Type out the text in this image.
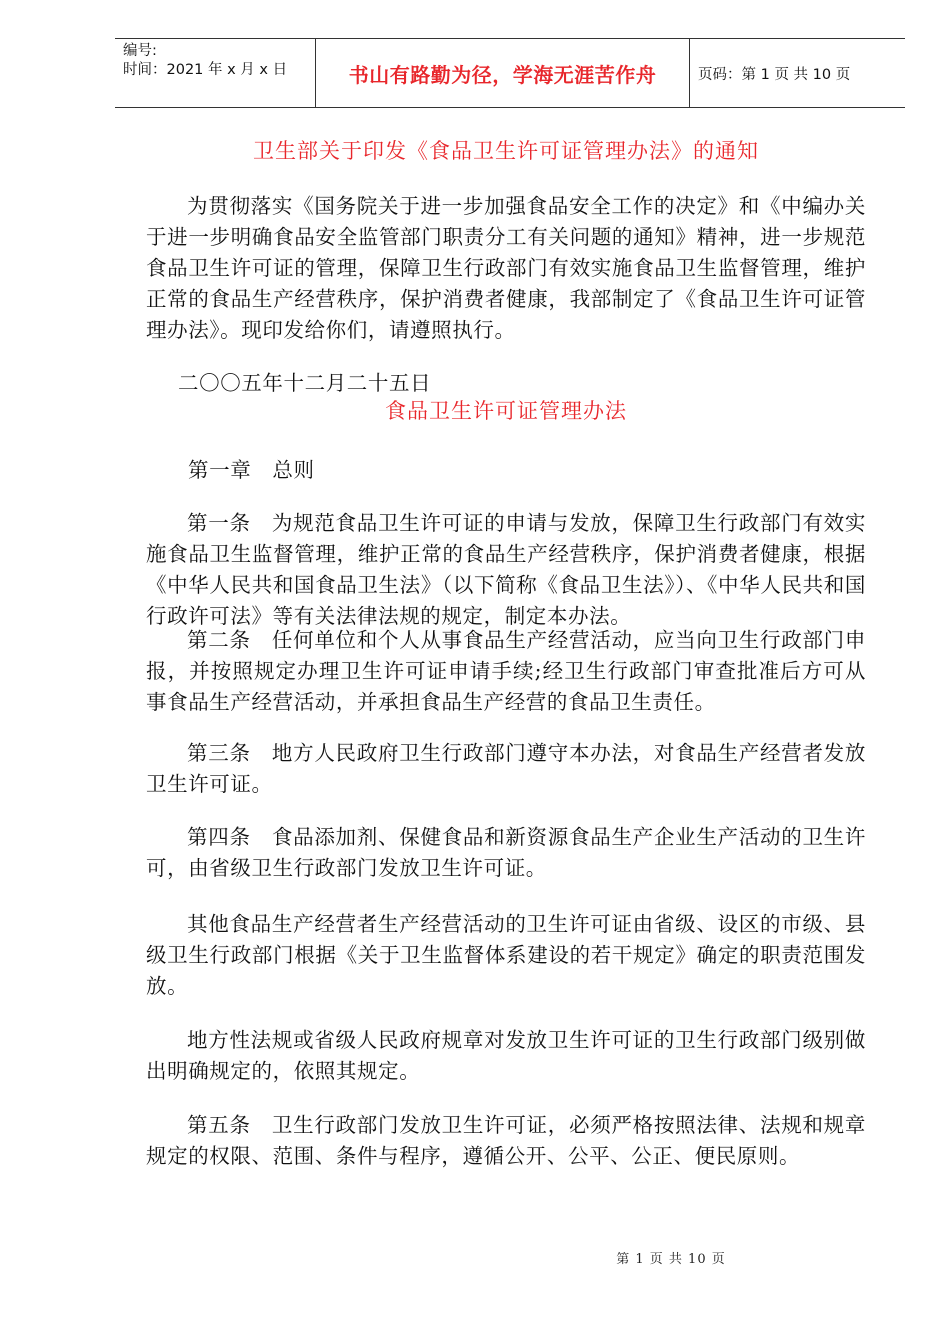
编号:
时间：2021 年 x 月 x 日	书山有路勤为径，学海无涯苦作舟	页码：第 1 页 共 10 页
卫生部关于印发《食品卫生许可证管理办法》的通知
为贯彻落实《国务院关于进一步加强食品安全工作的决定》和《中编办关于进一步明确食品安全监管部门职责分工有关问题的通知》精神，进一步规范食品卫生许可证的管理，保障卫生行政部门有效实施食品卫生监督管理，维护正常的食品生产经营秩序，保护消费者健康，我部制定了《食品卫生许可证管理办法》。现印发给你们，请遵照执行。
二〇〇五年十二月二十五日
食品卫生许可证管理办法
第一章　总则
第一条　为规范食品卫生许可证的申请与发放，保障卫生行政部门有效实施食品卫生监督管理，维护正常的食品生产经营秩序，保护消费者健康，根据《中华人民共和国食品卫生法》（以下简称《食品卫生法》）、《中华人民共和国行政许可法》等有关法律法规的规定，制定本办法。
第二条　任何单位和个人从事食品生产经营活动，应当向卫生行政部门申报，并按照规定办理卫生许可证申请手续;经卫生行政部门审查批准后方可从事食品生产经营活动，并承担食品生产经营的食品卫生责任。
第三条　地方人民政府卫生行政部门遵守本办法，对食品生产经营者发放卫生许可证。
第四条　食品添加剂、保健食品和新资源食品生产企业生产活动的卫生许可，由省级卫生行政部门发放卫生许可证。
其他食品生产经营者生产经营活动的卫生许可证由省级、设区的市级、县级卫生行政部门根据《关于卫生监督体系建设的若干规定》确定的职责范围发放。
地方性法规或省级人民政府规章对发放卫生许可证的卫生行政部门级别做出明确规定的，依照其规定。
第五条　卫生行政部门发放卫生许可证，必须严格按照法律、法规和规章规定的权限、范围、条件与程序，遵循公开、公平、公正、便民原则。
第 1 页 共 10 页
